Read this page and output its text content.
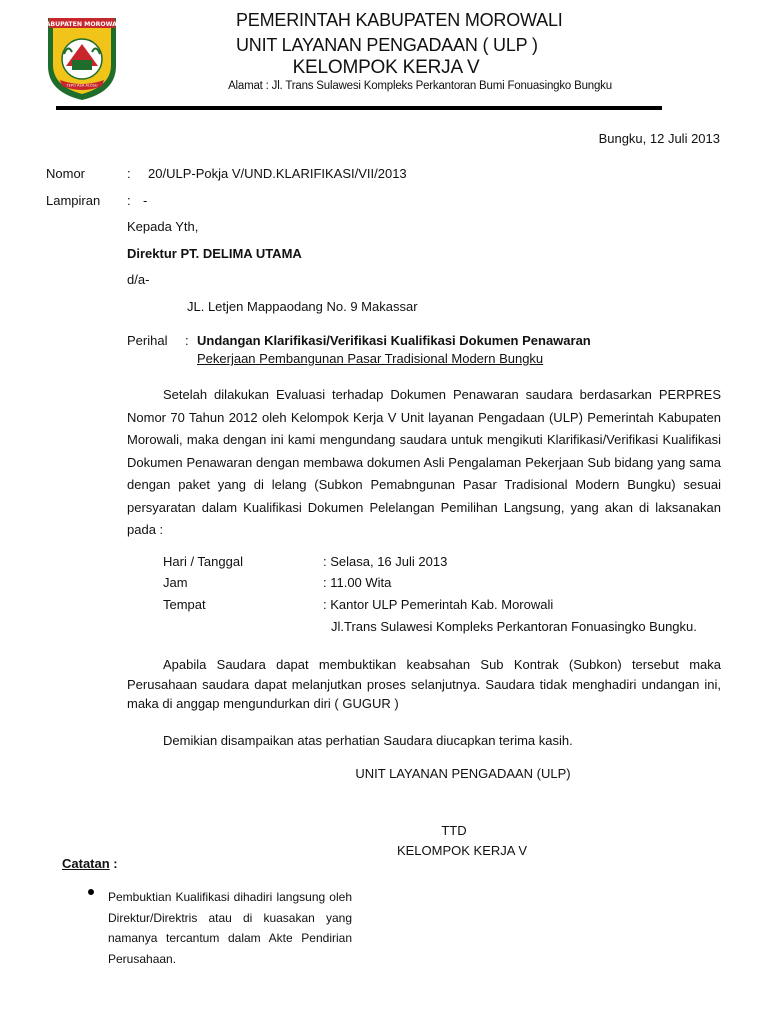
KABUPATEN MOROWALI
TEPO ASA ALOSU
PEMERINTAH KABUPATEN MOROWALI
UNIT LAYANAN PENGADAAN ( ULP )
KELOMPOK KERJA V
Alamat : Jl. Trans Sulawesi Kompleks Perkantoran Bumi Fonuasingko Bungku
Bungku, 12 Juli 2013
Nomor	: 20/ULP-Pokja V/UND.KLARIFIKASI/VII/2013
Lampiran : -
Kepada Yth,
Direktur PT. DELIMA UTAMA
d/a-
JL. Letjen Mappaodang No. 9 Makassar
Perihal : Undangan Klarifikasi/Verifikasi Kualifikasi Dokumen Penawaran
Pekerjaan Pembangunan Pasar Tradisional Modern Bungku
Setelah dilakukan Evaluasi terhadap Dokumen Penawaran saudara berdasarkan PERPRES Nomor 70 Tahun 2012 oleh Kelompok Kerja V Unit layanan Pengadaan (ULP) Pemerintah Kabupaten Morowali, maka dengan ini kami mengundang saudara untuk mengikuti Klarifikasi/Verifikasi Kualifikasi Dokumen Penawaran dengan membawa dokumen Asli Pengalaman Pekerjaan Sub bidang yang sama dengan paket yang di lelang (Subkon Pemabngunan Pasar Tradisional Modern Bungku) sesuai persyaratan dalam Kualifikasi Dokumen Pelelangan Pemilihan Langsung, yang akan di laksanakan pada :
Hari / Tanggal	: Selasa, 16 Juli 2013
Jam	: 11.00 Wita
Tempat	: Kantor ULP Pemerintah Kab. Morowali
Jl.Trans Sulawesi Kompleks Perkantoran Fonuasingko Bungku.
Apabila Saudara dapat membuktikan keabsahan Sub Kontrak (Subkon) tersebut maka Perusahaan saudara dapat melanjutkan proses selanjutnya. Saudara tidak menghadiri undangan ini, maka di anggap mengundurkan diri ( GUGUR )
Demikian disampaikan atas perhatian Saudara diucapkan terima kasih.
UNIT LAYANAN PENGADAAN (ULP)
TTD
KELOMPOK KERJA V
Catatan :
Pembuktian Kualifikasi dihadiri langsung oleh Direktur/Direktris atau di kuasakan yang namanya tercantum dalam Akte Pendirian Perusahaan.
